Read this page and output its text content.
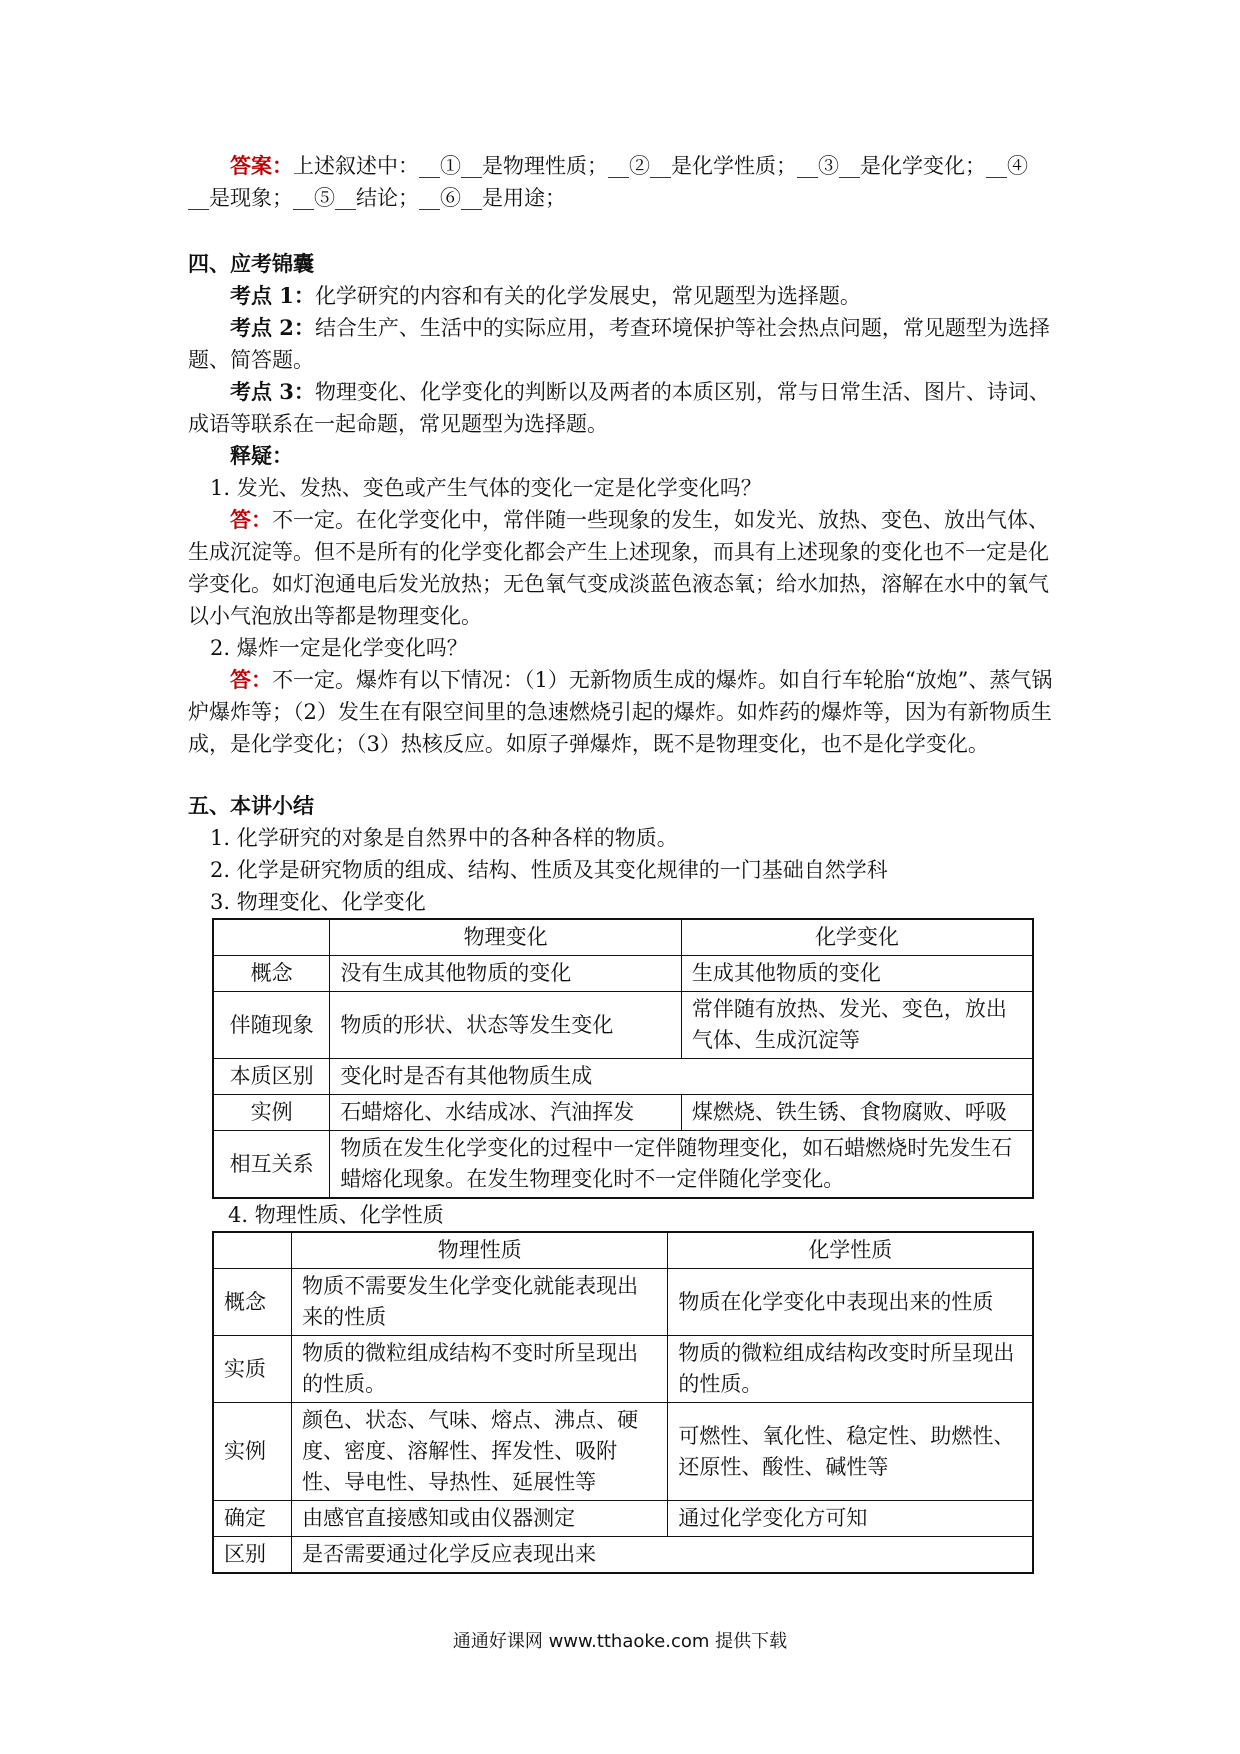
答案：上述叙述中：__①__是物理性质；__②__是化学性质；__③__是化学变化；__④

__是现象；__⑤__结论；__⑥__是用途；

四、应考锦囊

考点 1：化学研究的内容和有关的化学发展史，常见题型为选择题。

考点 2：结合生产、生活中的实际应用，考查环境保护等社会热点问题，常见题型为选择题、简答题。

考点 3：物理变化、化学变化的判断以及两者的本质区别，常与日常生活、图片、诗词、成语等联系在一起命题，常见题型为选择题。

释疑：

1. 发光、发热、变色或产生气体的变化一定是化学变化吗？

答：不一定。在化学变化中，常伴随一些现象的发生，如发光、放热、变色、放出气体、生成沉淀等。但不是所有的化学变化都会产生上述现象，而具有上述现象的变化也不一定是化学变化。如灯泡通电后发光放热；无色氧气变成淡蓝色液态氧；给水加热，溶解在水中的氧气以小气泡放出等都是物理变化。

2. 爆炸一定是化学变化吗？

答：不一定。爆炸有以下情况：（1）无新物质生成的爆炸。如自行车轮胎“放炮”、蒸气锅炉爆炸等；（2）发生在有限空间里的急速燃烧引起的爆炸。如炸药的爆炸等，因为有新物质生成，是化学变化；（3）热核反应。如原子弹爆炸，既不是物理变化，也不是化学变化。

五、本讲小结

1. 化学研究的对象是自然界中的各种各样的物质。

2. 化学是研究物质的组成、结构、性质及其变化规律的一门基础自然学科

3. 物理变化、化学变化

	物理变化	化学变化
概念	没有生成其他物质的变化	生成其他物质的变化
伴随现象	物质的形状、状态等发生变化	常伴随有放热、发光、变色，放出气体、生成沉淀等
本质区别	变化时是否有其他物质生成	
实例	石蜡熔化、水结成冰、汽油挥发	煤燃烧、铁生锈、食物腐败、呼吸
相互关系	物质在发生化学变化的过程中一定伴随物理变化，如石蜡燃烧时先发生石蜡熔化现象。在发生物理变化时不一定伴随化学变化。	

4. 物理性质、化学性质

	物理性质	化学性质
概念	物质不需要发生化学变化就能表现出来的性质	物质在化学变化中表现出来的性质
实质	物质的微粒组成结构不变时所呈现出的性质。	物质的微粒组成结构改变时所呈现出的性质。
实例	颜色、状态、气味、熔点、沸点、硬度、密度、溶解性、挥发性、吸附性、导电性、导热性、延展性等	可燃性、氧化性、稳定性、助燃性、还原性、酸性、碱性等
确定	由感官直接感知或由仪器测定	通过化学变化方可知
区别	是否需要通过化学反应表现出来	
通通好课网 www.tthaoke.com 提供下载
